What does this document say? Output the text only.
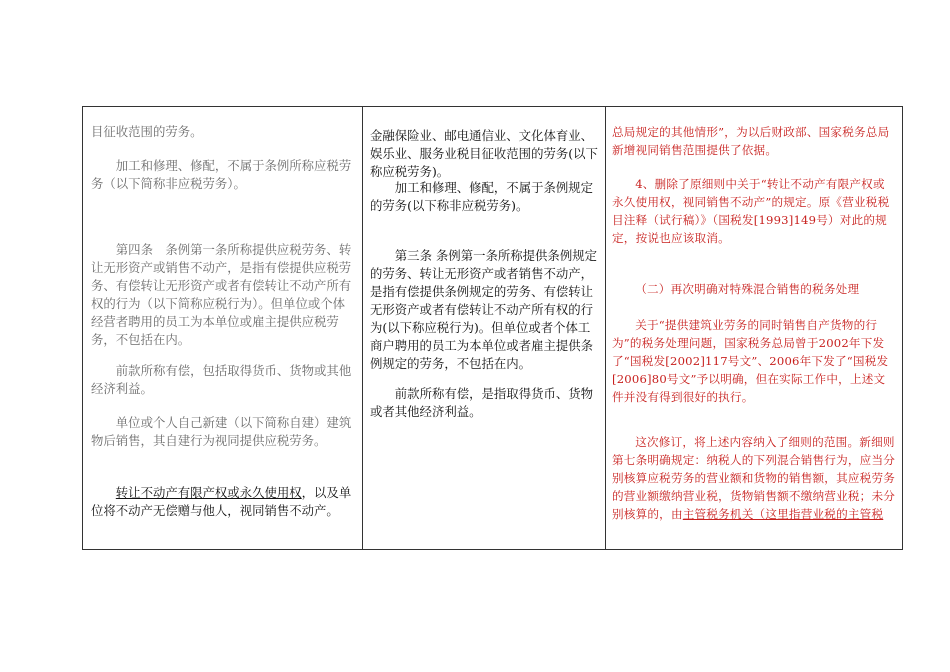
目征收范围的劳务。

加工和修理、修配，不属于条例所称应税劳务（以下简称非应税劳务）。

第四条　条例第一条所称提供应税劳务、转让无形资产或销售不动产，是指有偿提供应税劳务、有偿转让无形资产或者有偿转让不动产所有权的行为（以下简称应税行为）。但单位或个体经营者聘用的员工为本单位或雇主提供应税劳务，不包括在内。

前款所称有偿，包括取得货币、货物或其他经济利益。

单位或个人自己新建（以下简称自建）建筑物后销售，其自建行为视同提供应税劳务。

转让不动产有限产权或永久使用权，以及单位将不动产无偿赠与他人，视同销售不动产。

金融保险业、邮电通信业、文化体育业、娱乐业、服务业税目征收范围的劳务(以下称应税劳务)。

加工和修理、修配，不属于条例规定的劳务(以下称非应税劳务)。

第三条 条例第一条所称提供条例规定的劳务、转让无形资产或者销售不动产，是指有偿提供条例规定的劳务、有偿转让无形资产或者有偿转让不动产所有权的行为(以下称应税行为)。但单位或者个体工商户聘用的员工为本单位或者雇主提供条例规定的劳务，不包括在内。

前款所称有偿，是指取得货币、货物或者其他经济利益。

总局规定的其他情形”，为以后财政部、国家税务总局新增视同销售范围提供了依据。

4、删除了原细则中关于“转让不动产有限产权或永久使用权，视同销售不动产”的规定。原《营业税税目注释（试行稿）》（国税发[1993]149号）对此的规定，按说也应该取消。

（二）再次明确对特殊混合销售的税务处理

关于“提供建筑业劳务的同时销售自产货物的行为”的税务处理问题，国家税务总局曾于2002年下发了“国税发[2002]117号文”、2006年下发了“国税发[2006]80号文”予以明确，但在实际工作中，上述文件并没有得到很好的执行。

这次修订，将上述内容纳入了细则的范围。新细则第七条明确规定：纳税人的下列混合销售行为，应当分别核算应税劳务的营业额和货物的销售额，其应税劳务的营业额缴纳营业税，货物销售额不缴纳营业税；未分别核算的，由主管税务机关（这里指营业税的主管税
